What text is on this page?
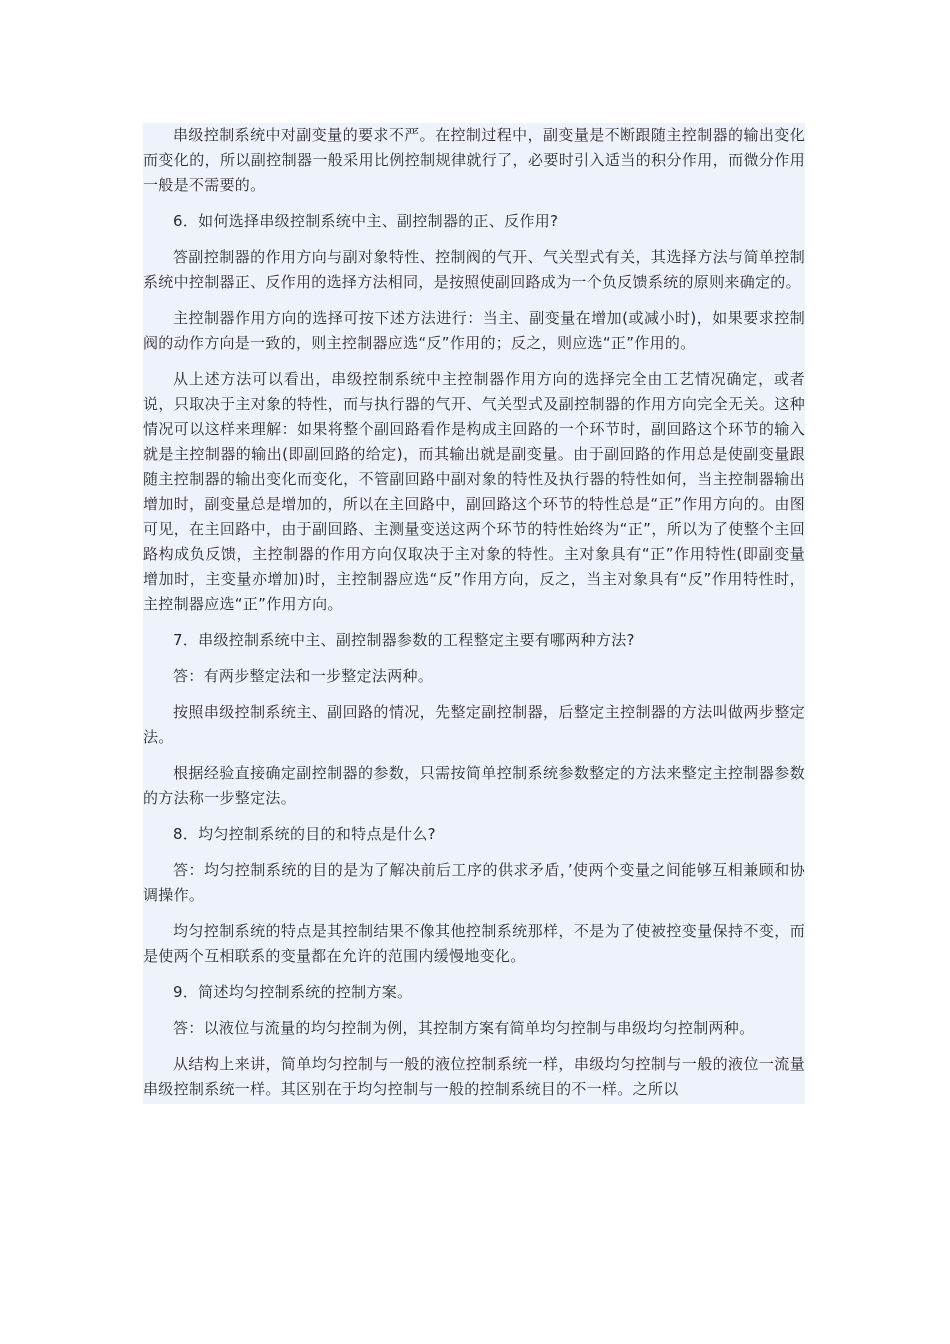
串级控制系统中对副变量的要求不严。在控制过程中，副变量是不断跟随主控制器的输出变化而变化的，所以副控制器一般采用比例控制规律就行了，必要时引入适当的积分作用，而微分作用一般是不需要的。

6．如何选择串级控制系统中主、副控制器的正、反作用?

答副控制器的作用方向与副对象特性、控制阀的气开、气关型式有关，其选择方法与简单控制系统中控制器正、反作用的选择方法相同，是按照使副回路成为一个负反馈系统的原则来确定的。

主控制器作用方向的选择可按下述方法进行：当主、副变量在增加(或减小时)，如果要求控制阀的动作方向是一致的，则主控制器应选“反”作用的；反之，则应选“正”作用的。

从上述方法可以看出，串级控制系统中主控制器作用方向的选择完全由工艺情况确定，或者说，只取决于主对象的特性，而与执行器的气开、气关型式及副控制器的作用方向完全无关。这种情况可以这样来理解：如果将整个副回路看作是构成主回路的一个环节时，副回路这个环节的输入就是主控制器的输出(即副回路的给定)，而其输出就是副变量。由于副回路的作用总是使副变量跟随主控制器的输出变化而变化，不管副回路中副对象的特性及执行器的特性如何，当主控制器输出增加时，副变量总是增加的，所以在主回路中，副回路这个环节的特性总是“正”作用方向的。由图可见，在主回路中，由于副回路、主测量变送这两个环节的特性始终为“正”，所以为了使整个主回路构成负反馈，主控制器的作用方向仅取决于主对象的特性。主对象具有“正”作用特性(即副变量增加时，主变量亦增加)时，主控制器应选“反”作用方向，反之，当主对象具有“反”作用特性时，主控制器应选“正”作用方向。

7．串级控制系统中主、副控制器参数的工程整定主要有哪两种方法?

答：有两步整定法和一步整定法两种。

按照串级控制系统主、副回路的情况，先整定副控制器，后整定主控制器的方法叫做两步整定法。

根据经验直接确定副控制器的参数，只需按简单控制系统参数整定的方法来整定主控制器参数的方法称一步整定法。

8．均匀控制系统的目的和特点是什么?

答：均匀控制系统的目的是为了解决前后工序的供求矛盾，’使两个变量之间能够互相兼顾和协调操作。

均匀控制系统的特点是其控制结果不像其他控制系统那样，不是为了使被控变量保持不变，而是使两个互相联系的变量都在允许的范围内缓慢地变化。

9．简述均匀控制系统的控制方案。

答：以液位与流量的均匀控制为例，其控制方案有简单均匀控制与串级均匀控制两种。

从结构上来讲，简单均匀控制与一般的液位控制系统一样，串级均匀控制与一般的液位一流量串级控制系统一样。其区别在于均匀控制与一般的控制系统目的不一样。之所以
